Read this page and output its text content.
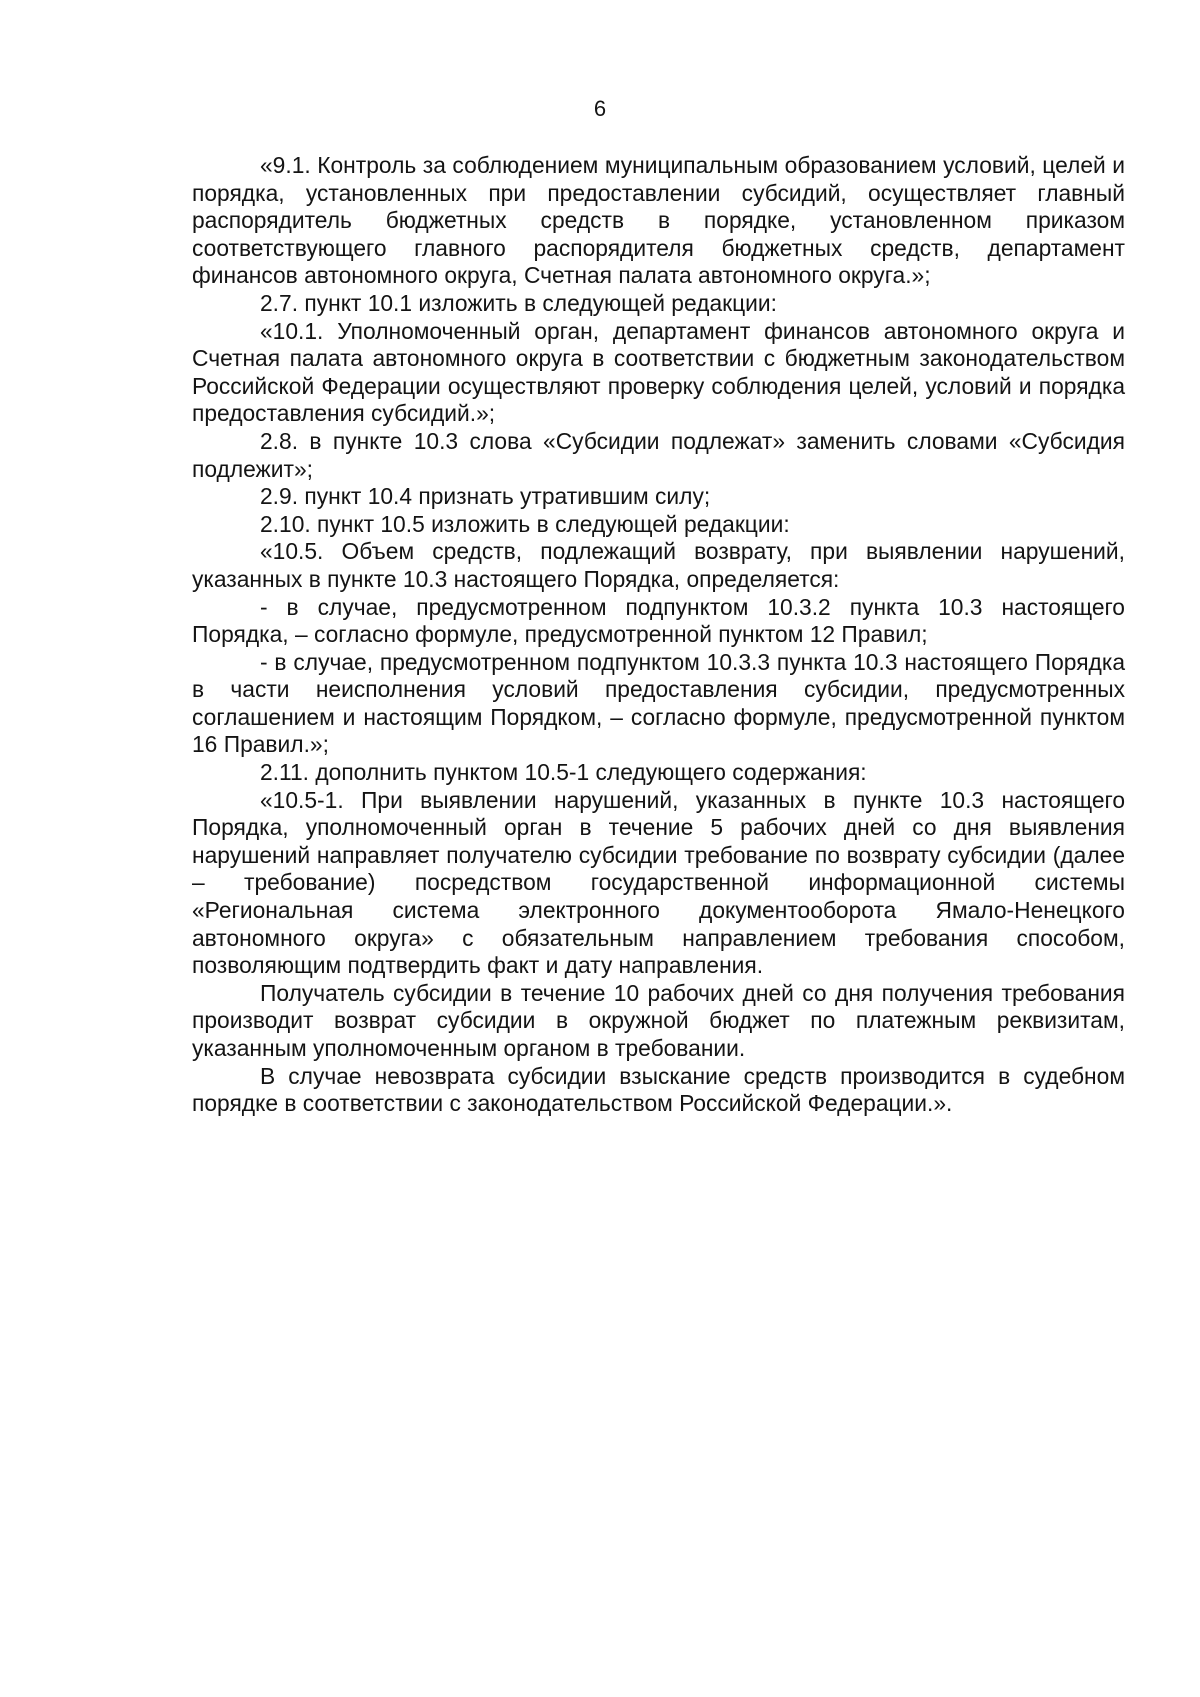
6

«9.1. Контроль за соблюдением муниципальным образованием условий, целей и порядка, установленных при предоставлении субсидий, осуществляет главный распорядитель бюджетных средств в порядке, установленном приказом соответствующего главного распорядителя бюджетных средств, департамент финансов автономного округа, Счетная палата автономного округа.»;

2.7. пункт 10.1 изложить в следующей редакции:

«10.1. Уполномоченный орган, департамент финансов автономного округа и Счетная палата автономного округа в соответствии с бюджетным законодательством Российской Федерации осуществляют проверку соблюдения целей, условий и порядка предоставления субсидий.»;

2.8. в пункте 10.3 слова «Субсидии подлежат» заменить словами «Субсидия подлежит»;

2.9. пункт 10.4 признать утратившим силу;

2.10. пункт 10.5 изложить в следующей редакции:

«10.5. Объем средств, подлежащий возврату, при выявлении нарушений, указанных в пункте 10.3 настоящего Порядка, определяется:

- в случае, предусмотренном подпунктом 10.3.2 пункта 10.3 настоящего Порядка, – согласно формуле, предусмотренной пунктом 12 Правил;

- в случае, предусмотренном подпунктом 10.3.3 пункта 10.3 настоящего Порядка в части неисполнения условий предоставления субсидии, предусмотренных соглашением и настоящим Порядком, – согласно формуле, предусмотренной пунктом 16 Правил.»;

2.11. дополнить пунктом 10.5-1 следующего содержания:

«10.5-1. При выявлении нарушений, указанных в пункте 10.3 настоящего Порядка, уполномоченный орган в течение 5 рабочих дней со дня выявления нарушений направляет получателю субсидии требование по возврату субсидии (далее – требование) посредством государственной информационной системы «Региональная система электронного документооборота Ямало-Ненецкого автономного округа» с обязательным направлением требования способом, позволяющим подтвердить факт и дату направления.

Получатель субсидии в течение 10 рабочих дней со дня получения требования производит возврат субсидии в окружной бюджет по платежным реквизитам, указанным уполномоченным органом в требовании.

В случае невозврата субсидии взыскание средств производится в судебном порядке в соответствии с законодательством Российской Федерации.».
